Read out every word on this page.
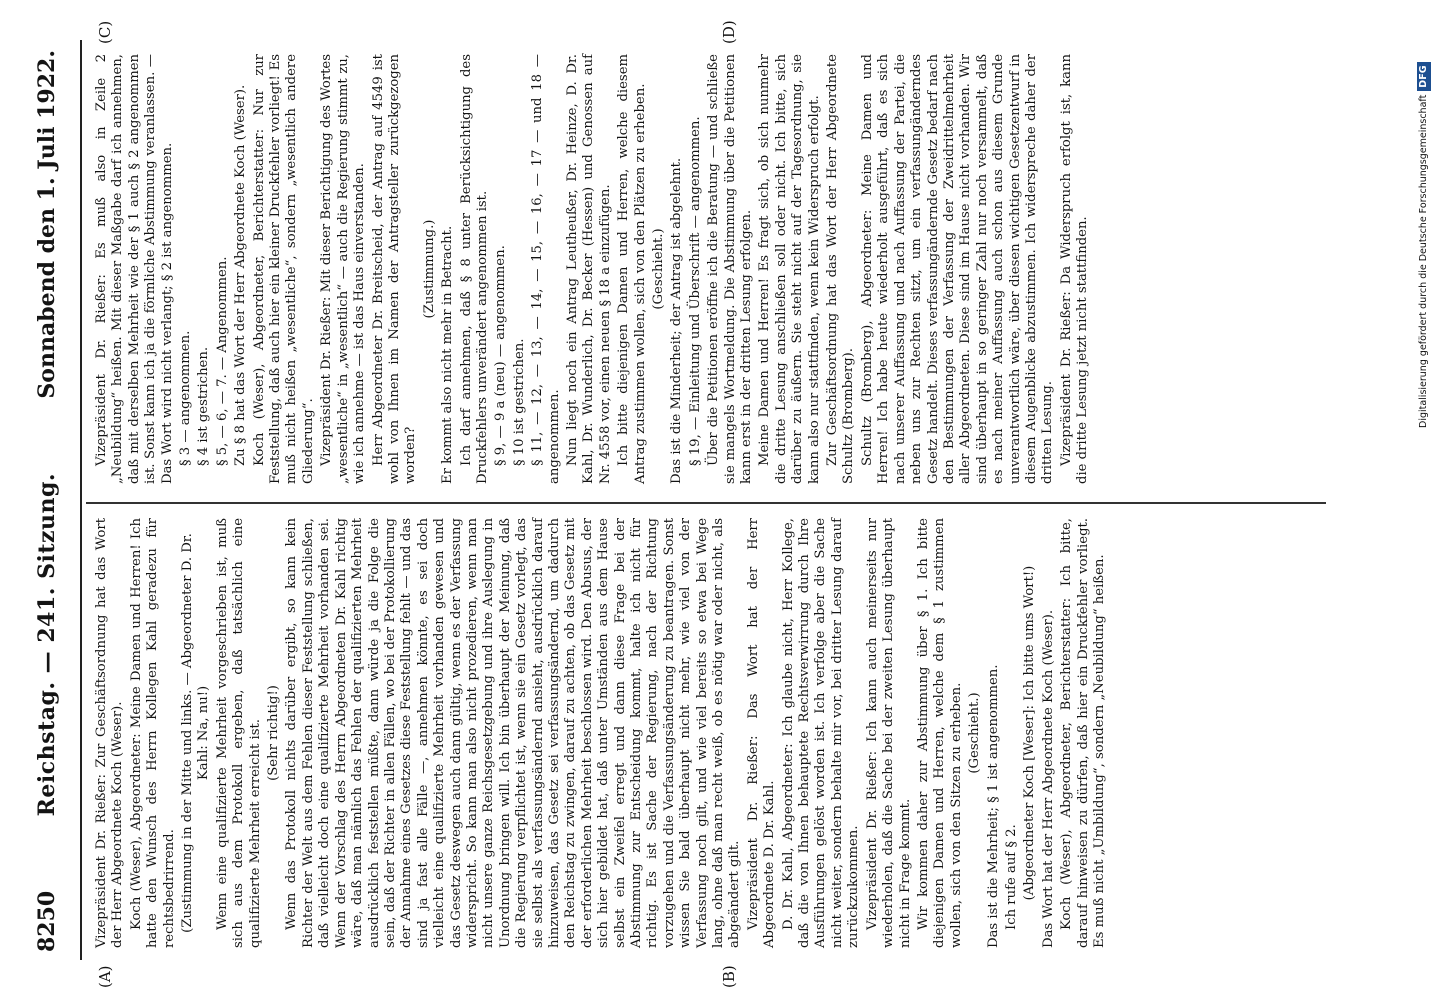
8250
Reichstag. — 241. Sitzung.
Sonnabend den 1. Juli 1922.
(A)	(B)
(C)	(D)

Vizepräsident Dr. Rießer: Zur Geschäftsordnung hat das Wort der Herr Abgeordnete Koch (Weser). Koch (Weser), Abgeordneter: Meine Damen und Herren! Ich hatte den Wunsch des Herrn Kollegen Kahl geradezu für rechtsbedrirrend. (Zustimmung in der Mitte und links. — Abgeordneter D. Dr. Kahl: Na, nu!) Wenn eine qualifizierte Mehrheit vorgeschrieben ist, muß sich aus dem Protokoll ergeben, daß tatsächlich eine qualifizierte Mehrheit erreicht ist. (Sehr richtig!) Wenn das Protokoll nichts darüber ergibt, so kann kein Richter der Welt aus dem Fehlen dieser Feststellung schließen, daß vielleicht doch eine qualifizierte Mehrheit vorhanden sei. Wenn der Vorschlag des Herrn Abgeordneten Dr. Kahl richtig wäre, daß man nämlich das Fehlen der qualifizierten Mehrheit ausdrücklich feststellen müßte, dann würde ja die Folge die sein, daß der Richter in allen Fällen, wo bei der Protokollierung der Annahme eines Gesetzes diese Feststellung fehlt — und das sind ja fast alle Fälle —, annehmen könnte, es sei doch vielleicht eine qualifizierte Mehrheit vorhanden gewesen und das Gesetz deswegen auch dann gültig, wenn es der Verfassung widerspricht. So kann man also nicht prozedieren, wenn man nicht unsere ganze Reichsgesetzgebung und ihre Auslegung in Unordnung bringen will. Ich bin überhaupt der Meinung, daß die Regierung verpflichtet ist, wenn sie ein Gesetz vorlegt, das sie selbst als verfassungsändernd ansieht, ausdrücklich darauf hinzuweisen, das Gesetz sei verfassungsändernd, um dadurch den Reichstag zu zwingen, darauf zu achten, ob das Gesetz mit der erforderlichen Mehrheit beschlossen wird. Den Abusus, der sich hier gebildet hat, daß unter Umständen aus dem Hause selbst ein Zweifel erregt und dann diese Frage bei der Abstimmung zur Entscheidung kommt, halte ich nicht für richtig. Es ist Sache der Regierung, nach der Richtung vorzugehen und die Verfassungsänderung zu beantragen. Sonst wissen Sie bald überhaupt nicht mehr, wie viel von der Verfassung noch gilt, und wie viel bereits so etwa bei Wege lang, ohne daß man recht weiß, ob es nötig war oder nicht, als abgeändert gilt. Vizepräsident Dr. Rießer: Das Wort hat der Herr Abgeordnete D. Dr. Kahl. D. Dr. Kahl, Abgeordneter: Ich glaube nicht, Herr Kollege, daß die von Ihnen behauptete Rechtsverwirrung durch Ihre Ausführungen gelöst worden ist. Ich verfolge aber die Sache nicht weiter, sondern behalte mir vor, bei dritter Lesung darauf zurückzukommen. Vizepräsident Dr. Rießer: Ich kann auch meinerseits nur wiederholen, daß die Sache bei der zweiten Lesung überhaupt nicht in Frage kommt. Wir kommen daher zur Abstimmung über § 1. Ich bitte diejenigen Damen und Herren, welche dem § 1 zustimmen wollen, sich von den Sitzen zu erheben. (Geschieht.) Das ist die Mehrheit; § 1 ist angenommen. Ich rufe auf § 2. (Abgeordneter Koch [Weser]: Ich bitte ums Wort!) Das Wort hat der Herr Abgeordnete Koch (Weser). Koch (Weser), Abgeordneter, Berichterstatter: Ich bitte, darauf hinweisen zu dürfen, daß hier ein Druckfehler vorliegt. Es muß nicht „Umbildung“, sondern „Neubildung“ heißen.

Vizepräsident Dr. Rießer: Es muß also in Zeile 2 „Neubildung“ heißen. Mit dieser Maßgabe darf ich annehmen, daß mit derselben Mehrheit wie der § 1 auch § 2 angenommen ist. Sonst kann ich ja die förmliche Abstimmung veranlassen. — Das Wort wird nicht verlangt; § 2 ist angenommen. § 3 — angenommen. § 4 ist gestrichen. § 5, — 6, — 7. — Angenommen. Zu § 8 hat das Wort der Herr Abgeordnete Koch (Weser). Koch (Weser), Abgeordneter, Berichterstatter: Nur zur Feststellung, daß auch hier ein kleiner Druckfehler vorliegt! Es muß nicht heißen „wesentliche“, sondern „wesentlich andere Gliederung“. Vizepräsident Dr. Rießer: Mit dieser Berichtigung des Wortes „wesentliche“ in „wesentlich“ — auch die Regierung stimmt zu, wie ich annehme — ist das Haus einverstanden. Herr Abgeordneter Dr. Breitscheid, der Antrag auf 4549 ist wohl von Ihnen im Namen der Antragsteller zurückgezogen worden?

(Zustimmung.) Er kommt also nicht mehr in Betracht. Ich darf annehmen, daß § 8 unter Berücksichtigung des Druckfehlers unverändert angenommen ist. § 9, — 9 a (neu) — angenommen. § 10 ist gestrichen. § 11, — 12, — 13, — 14, — 15, — 16, — 17 — und 18 — angenommen. Nun liegt noch ein Antrag Leutheußer, Dr. Heinze, D. Dr. Kahl, Dr. Wunderlich, Dr. Becker (Hessen) und Genossen auf Nr. 4558 vor, einen neuen § 18 a einzufügen. Ich bitte diejenigen Damen und Herren, welche diesem Antrag zustimmen wollen, sich von den Plätzen zu erheben. (Geschieht.) Das ist die Minderheit; der Antrag ist abgelehnt. § 19, — Einleitung und Überschrift — angenommen. Über die Petitionen eröffne ich die Beratung — und schließe sie mangels Wortmeldung. Die Abstimmung über die Petitionen kann erst in der dritten Lesung erfolgen. Meine Damen und Herren! Es fragt sich, ob sich nunmehr die dritte Lesung anschließen soll oder nicht. Ich bitte, sich darüber zu äußern. Sie steht nicht auf der Tagesordnung, sie kann also nur stattfinden, wenn kein Widerspruch erfolgt. Zur Geschäftsordnung hat das Wort der Herr Abgeordnete Schultz (Bromberg). Schultz (Bromberg), Abgeordneter: Meine Damen und Herren! Ich habe heute wiederholt ausgeführt, daß es sich nach unserer Auffassung und nach Auffassung der Partei, die neben uns zur Rechten sitzt, um ein verfassungänderndes Gesetz handelt. Dieses verfassungändernde Gesetz bedarf nach den Bestimmungen der Verfassung der Zweidrittelmehrheit aller Abgeordneten. Diese sind im Hause nicht vorhanden. Wir sind überhaupt in so geringer Zahl nur noch versammelt, daß es nach meiner Auffassung auch schon aus diesem Grunde unverantwortlich wäre, über diesen wichtigen Gesetzentwurf in diesem Augenblicke abzustimmen. Ich widerspreche daher der dritten Lesung. Vizepräsident Dr. Rießer: Da Widerspruch erfolgt ist, kann die dritte Lesung jetzt nicht stattfinden.	Digitalisierung gefördert durch die Deutsche ForschungsgemeinschaftDFG
